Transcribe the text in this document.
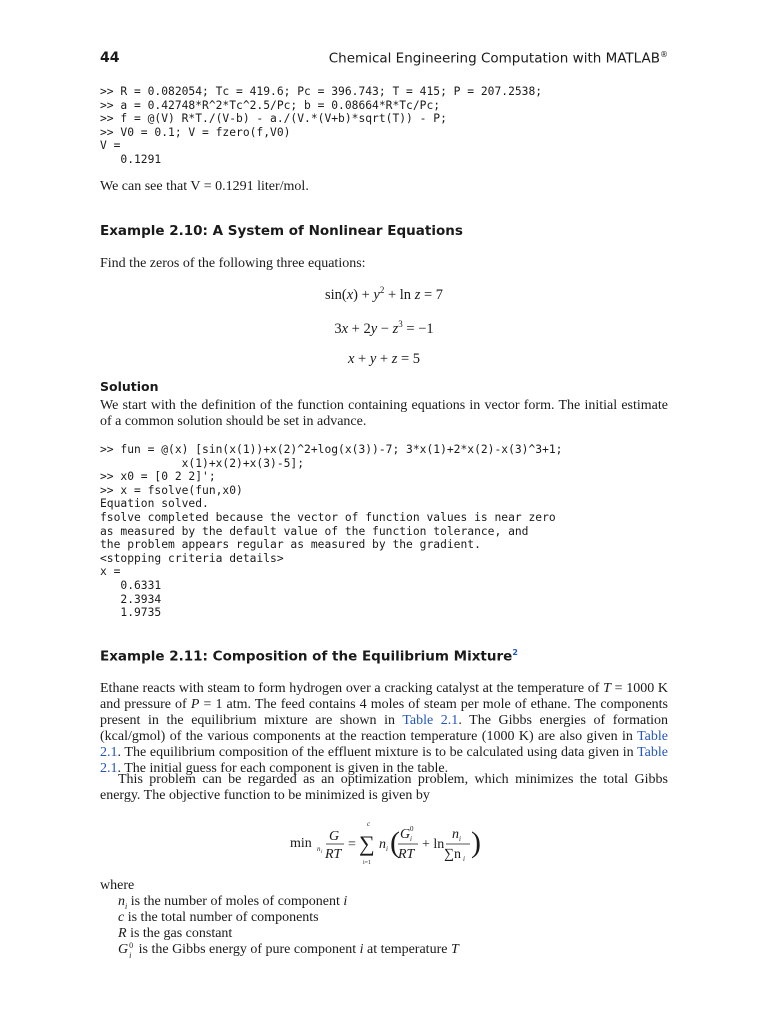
44	Chemical Engineering Computation with MATLAB®
>> R = 0.082054; Tc = 419.6; Pc = 396.743; T = 415; P = 207.2538;
>> a = 0.42748*R^2*Tc^2.5/Pc; b = 0.08664*R*Tc/Pc;
>> f = @(V) R*T./(V-b) - a./(V.*(V+b)*sqrt(T)) - P;
>> V0 = 0.1; V = fzero(f,V0)
V =
0.1291

We can see that V = 0.1291 liter/mol.

Example 2.10: A System of Nonlinear Equations

Find the zeros of the following three equations:

$\sin(x) + y^2 + \ln z = 7$
$3x + 2y - z^3 = -1$
x + y + z = 5
Solution

We start with the definition of the function containing equations in vector form. The initial estimate of a common solution should be set in advance.

>> fun = @(x) [sin(x(1))+x(2)^2+log(x(3))-7; 3*x(1)+2*x(2)-x(3)^3+1;
x(1)+x(2)+x(3)-5];
>> x0 = [0 2 2]';
>> x = fsolve(fun,x0)
Equation solved.
fsolve completed because the vector of function values is near zero
as measured by the default value of the function tolerance, and
the problem appears regular as measured by the gradient.
<stopping criteria details>
x =
0.6331
2.3934
1.9735
Example 2.11: Composition of the Equilibrium Mixture$^2$

Ethane reacts with steam to form hydrogen over a cracking catalyst at the temperature of T = 1000 K and pressure of P = 1 atm. The feed contains 4 moles of steam per mole of ethane. The components present in the equilibrium mixture are shown in Table 2.1. The Gibbs energies of formation (kcal/gmol) of the various components at the reaction temperature (1000 K) are also given in Table 2.1. The equilibrium composition of the effluent mixture is to be calculated using data given in Table 2.1. The initial guess for each component is given in the table.

This problem can be regarded as an optimization problem, which minimizes the total Gibbs energy. The objective function to be minimized is given by

min n i
G
RT
=
c
∑
i=1
n i ( G 0
i
RT
+ ln
n i
∑n i )

where

$n_i$ is the number of moles of component i
c is the total number of components
R is the gas constant
G 0
i is the Gibbs energy of pure component i at temperature T
